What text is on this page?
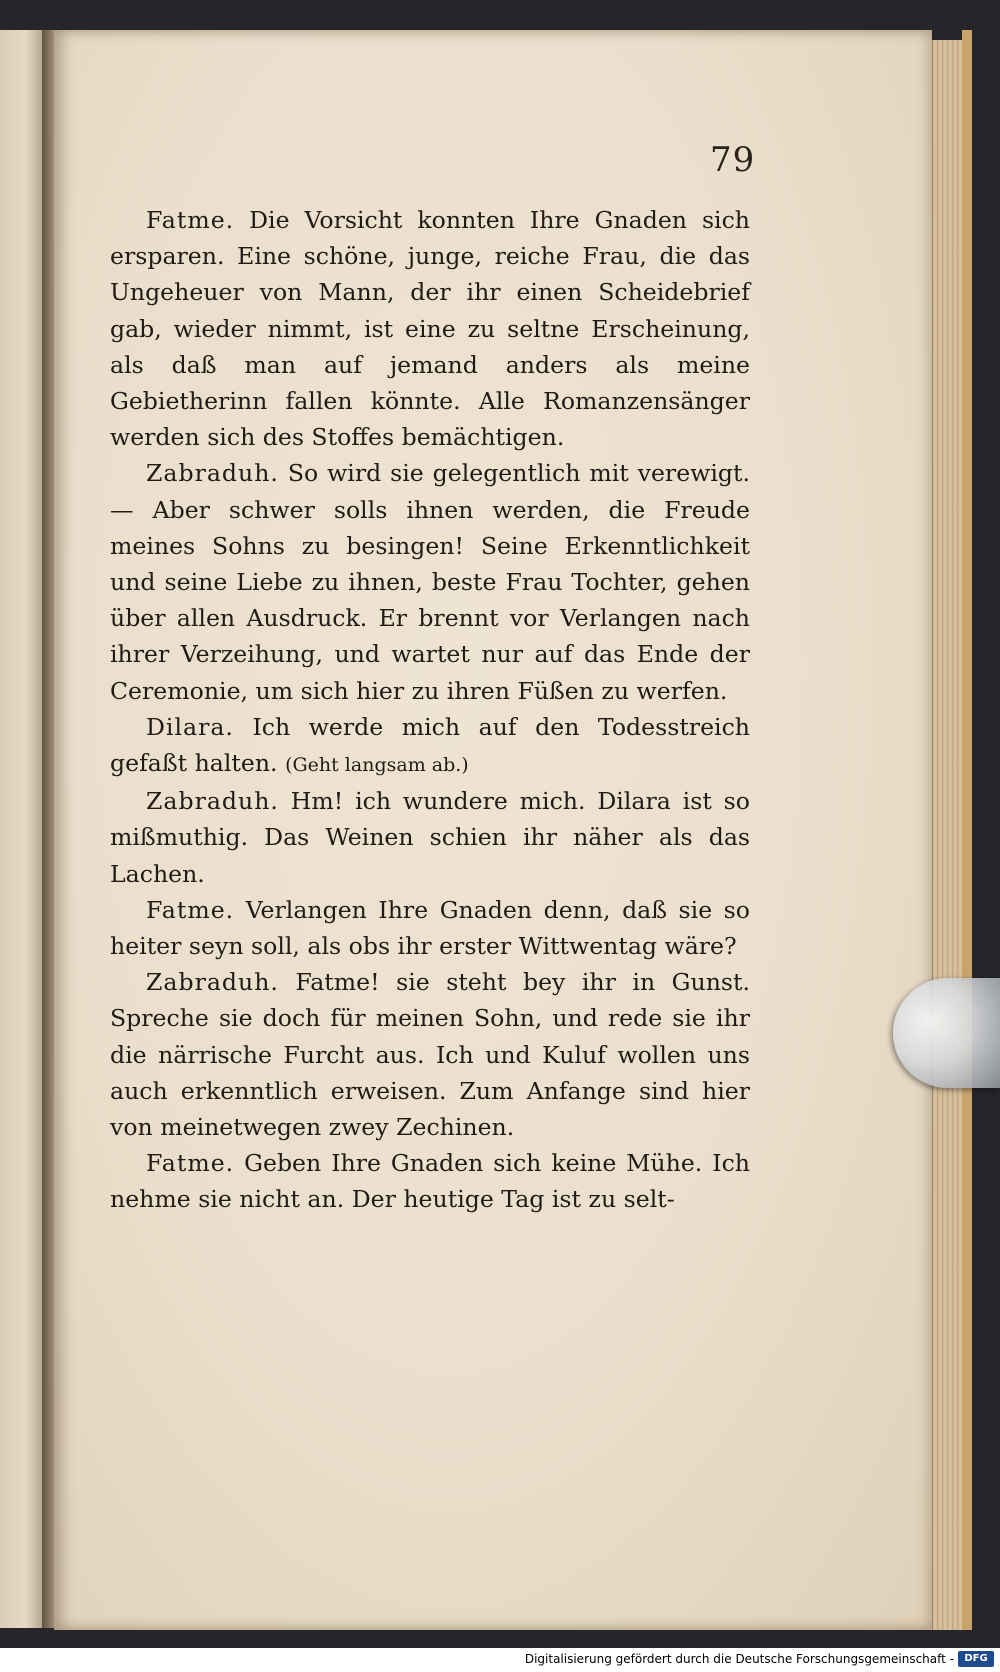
79

Fatme. Die Vorsicht konnten Ihre Gnaden sich ersparen. Eine schöne, junge, reiche Frau, die das Ungeheuer von Mann, der ihr einen Scheidebrief gab, wieder nimmt, ist eine zu seltne Erscheinung, als daß man auf jemand anders als meine Gebietherinn fallen könnte. Alle Romanzensänger werden sich des Stoffes bemächtigen.

Zabraduh. So wird sie gelegentlich mit verewigt. — Aber schwer solls ihnen werden, die Freude meines Sohns zu besingen! Seine Erkenntlichkeit und seine Liebe zu ihnen, beste Frau Tochter, gehen über allen Ausdruck. Er brennt vor Verlangen nach ihrer Verzeihung, und wartet nur auf das Ende der Ceremonie, um sich hier zu ihren Füßen zu werfen.

Dilara. Ich werde mich auf den Todesstreich gefaßt halten. (Geht langsam ab.)

Zabraduh. Hm! ich wundere mich. Dilara ist so mißmuthig. Das Weinen schien ihr näher als das Lachen.

Fatme. Verlangen Ihre Gnaden denn, daß sie so heiter seyn soll, als obs ihr erster Wittwentag wäre?

Zabraduh. Fatme! sie steht bey ihr in Gunst. Spreche sie doch für meinen Sohn, und rede sie ihr die närrische Furcht aus. Ich und Kuluf wollen uns auch erkenntlich erweisen. Zum Anfange sind hier von meinetwegen zwey Zechinen.

Fatme. Geben Ihre Gnaden sich keine Mühe. Ich nehme sie nicht an. Der heutige Tag ist zu selt-

Digitalisierung gefördert durch die Deutsche Forschungsgemeinschaft -	DFG
